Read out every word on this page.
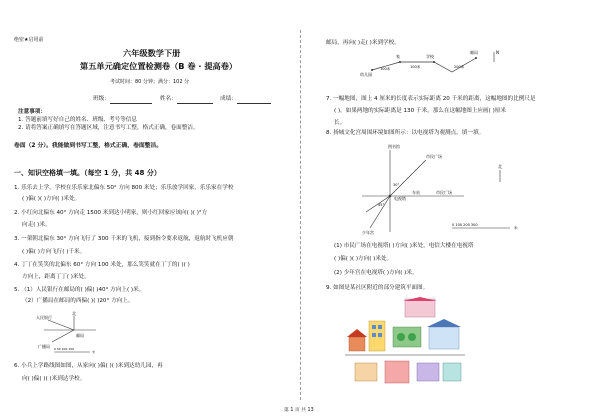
绝密★启用前
六年级数学下册
第五单元确定位置检测卷（B 卷 · 提高卷）
考试时间：80 分钟；满分：102 分
班级：	姓名：	成绩：
注意事项：
1. 答题前填写好自己的姓名、班级、考号等信息
2. 请将答案正确填写在答题区域，注意书写工整，格式正确，卷面整洁。
卷面（2 分）。我能做到书写工整，格式正确，卷面整洁。
一、知识空格填一填。（每空 1 分，共 48 分）
1. 乐乐去上学，学校在乐乐家北偏东 50° 方向 800 米处；乐乐放学回家，乐乐家在学校
( )偏( )( )方向( )米处。
2. 小红向北偏东 40° 方向走 1500 米到达小明家，则小红回家应该向( )( )°方
向走( )米。
3. 一架朝北偏东 30° 方向飞行了 300 千米的飞机，接到指令要求返航，返航时飞机应朝
( )偏( )方向飞行( )千米。
4. 丁丁在笑笑的北偏东 60° 方向 100 米处，那么笑笑就在丁丁的( )( )
方向上，距离丁丁( )米处。
5. （1）人民银行在邮局的( )偏( )40° 方向上( )米。
（2）广播局在邮局的西偏( )( )20° 方向上。
北
人民银行
邮局
广播局 0 50 100 150
米
6. 小兵上学路线图如图，从家向( )偏( )( )米到达幼儿园，再
向( )偏( )( )米到达学校。
邮局，再向( )走( )米到学校。
幼儿园
家	学校
邮局
100米	100米	200米
N
7. 一幅地图，图上 4 厘米的长度表示实际距离 20 千米的距离，这幅地图的比例尺是
( )。如果两地的实际距离是 130 千米，那么在这幅地图上应画( )厘米
长。
8. 扬城文化宫周围环境如图所示：以电视塔为观测点，填一填。
图书馆
市民广场
电视塔
车站	市民广场
少年宫
30°
45°
北
0 100 200 300
米
(1) 市民广场在电视塔( )方向( )米处，电信大楼在电视塔
( )偏( )( )方向( )米处。
(2) 少年宫在电视塔( )方向( )米。
9. 如图是某社区附近的部分建筑平面图。
第 1 页 共 13
